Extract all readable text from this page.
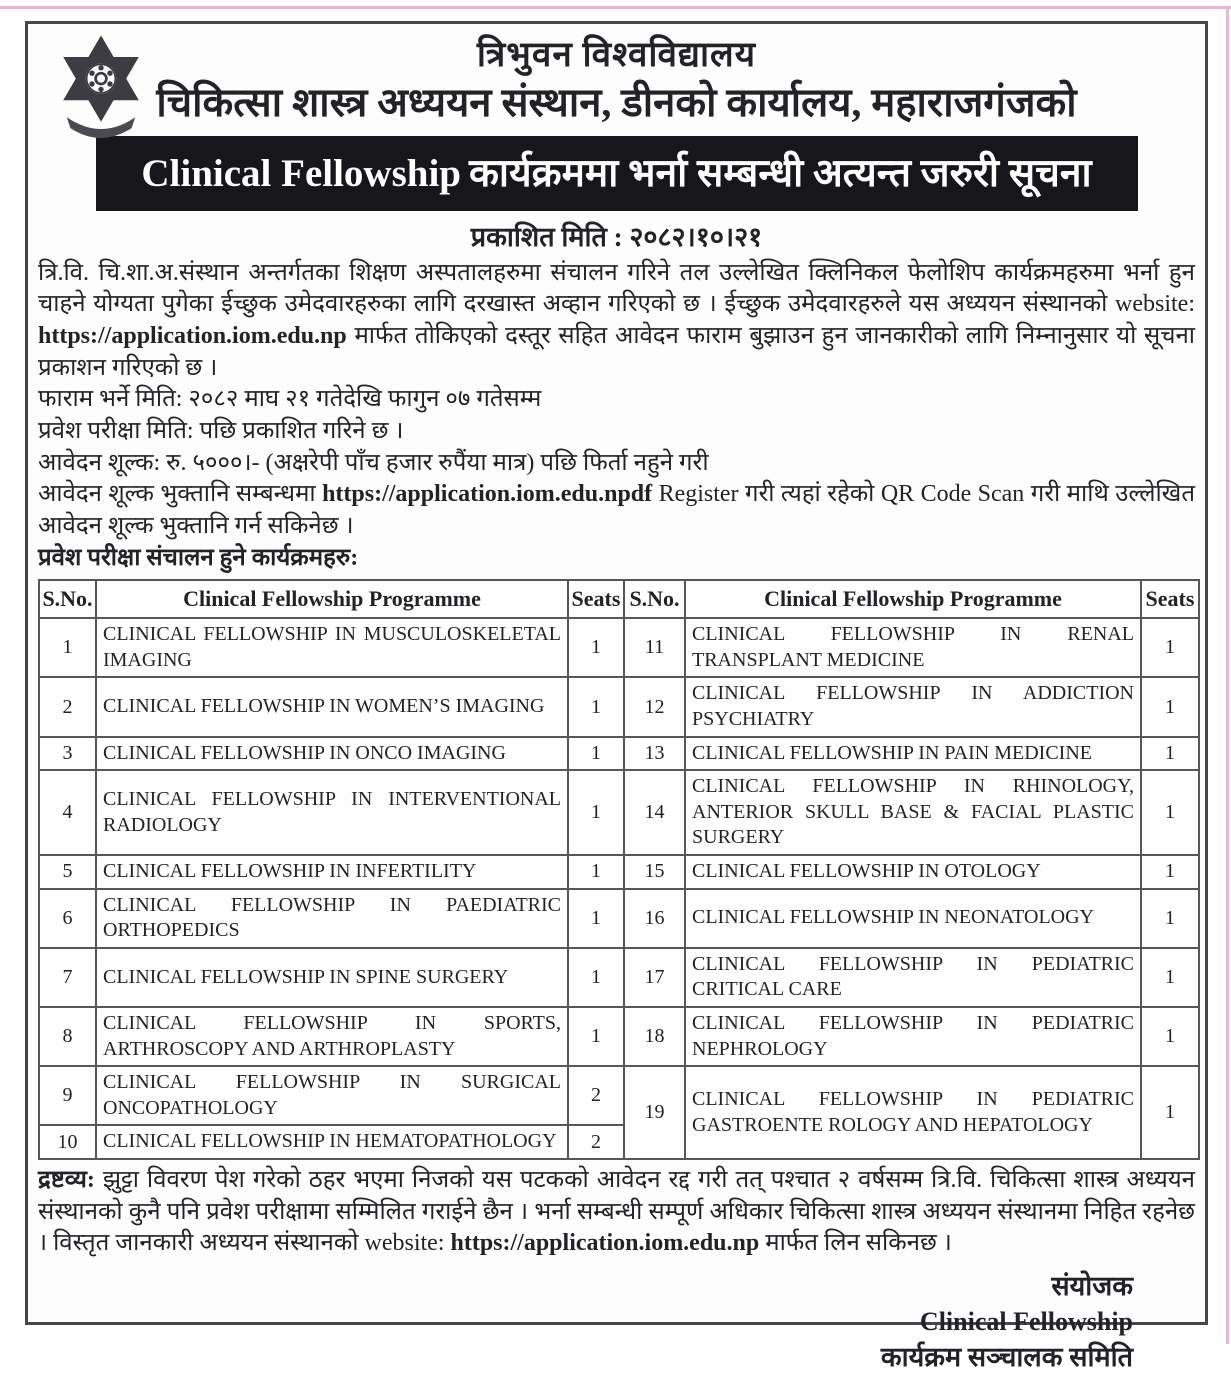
त्रिभुवन विश्वविद्यालय
चिकित्सा शास्त्र अध्ययन संस्थान, डीनको कार्यालय, महाराजगंजको
Clinical Fellowship कार्यक्रममा भर्ना सम्बन्धी अत्यन्त जरुरी सूचना
प्रकाशित मिति : २०८२।१०।२१

त्रि.वि. चि.शा.अ.संस्थान अन्तर्गतका शिक्षण अस्पतालहरुमा संचालन गरिने तल उल्लेखित क्लिनिकल फेलोशिप कार्यक्रमहरुमा भर्ना हुन चाहने योग्यता पुगेका ईच्छुक उमेदवारहरुका लागि दरखास्त अव्हान गरिएको छ । ईच्छुक उमेदवारहरुले यस अध्ययन संस्थानको website: https://application.iom.edu.np मार्फत तोकिएको दस्तूर सहित आवेदन फाराम बुझाउन हुन जानकारीको लागि निम्नानुसार यो सूचना प्रकाशन गरिएको छ ।

फाराम भर्ने मिति: २०८२ माघ २१ गतेदेखि फागुन ०७ गतेसम्म

प्रवेश परीक्षा मिति: पछि प्रकाशित गरिने छ ।

आवेदन शूल्क: रु. ५०००।- (अक्षरेपी पाँच हजार रुपैंया मात्र) पछि फिर्ता नहुने गरी

आवेदन शूल्क भुक्तानि सम्बन्धमा https://application.iom.edu.npdf Register गरी त्यहां रहेको QR Code Scan गरी माथि उल्लेखित आवेदन शूल्क भुक्तानि गर्न सकिनेछ ।

प्रवेश परीक्षा संचालन हुने कार्यक्रमहरु:

S.No.	Clinical Fellowship Programme	Seats	S.No.	Clinical Fellowship Programme	Seats
1	CLINICAL FELLOWSHIP IN MUSCULOSKELETAL IMAGING	1	11	CLINICAL FELLOWSHIP IN RENAL TRANSPLANT MEDICINE	1
2	CLINICAL FELLOWSHIP IN WOMEN’S IMAGING	1	12	CLINICAL FELLOWSHIP IN ADDICTION PSYCHIATRY	1
3	CLINICAL FELLOWSHIP IN ONCO IMAGING	1	13	CLINICAL FELLOWSHIP IN PAIN MEDICINE	1
4	CLINICAL FELLOWSHIP IN INTERVENTIONAL RADIOLOGY	1	14	CLINICAL FELLOWSHIP IN RHINOLOGY, ANTERIOR SKULL BASE & FACIAL PLASTIC SURGERY	1
5	CLINICAL FELLOWSHIP IN INFERTILITY	1	15	CLINICAL FELLOWSHIP IN OTOLOGY	1
6	CLINICAL FELLOWSHIP IN PAEDIATRIC ORTHOPEDICS	1	16	CLINICAL FELLOWSHIP IN NEONATOLOGY	1
7	CLINICAL FELLOWSHIP IN SPINE SURGERY	1	17	CLINICAL FELLOWSHIP IN PEDIATRIC CRITICAL CARE	1
8	CLINICAL FELLOWSHIP IN SPORTS, ARTHROSCOPY AND ARTHROPLASTY	1	18	CLINICAL FELLOWSHIP IN PEDIATRIC NEPHROLOGY	1
9	CLINICAL FELLOWSHIP IN SURGICAL ONCOPATHOLOGY	2	19	CLINICAL FELLOWSHIP IN PEDIATRIC GASTROENTE ROLOGY AND HEPATOLOGY	1
10	CLINICAL FELLOWSHIP IN HEMATOPATHOLOGY	2			

द्रष्टव्य: झुट्टा विवरण पेश गरेको ठहर भएमा निजको यस पटकको आवेदन रद्द गरी तत् पश्चात २ वर्षसम्म त्रि.वि. चिकित्सा शास्त्र अध्ययन संस्थानको कुनै पनि प्रवेश परीक्षामा सम्मिलित गराईने छैन । भर्ना सम्बन्धी सम्पूर्ण अधिकार चिकित्सा शास्त्र अध्ययन संस्थानमा निहित रहनेछ । विस्तृत जानकारी अध्ययन संस्थानको website: https://application.iom.edu.np मार्फत लिन सकिनछ ।

संयोजक
Clinical Fellowship
कार्यक्रम सञ्चालक समिति
